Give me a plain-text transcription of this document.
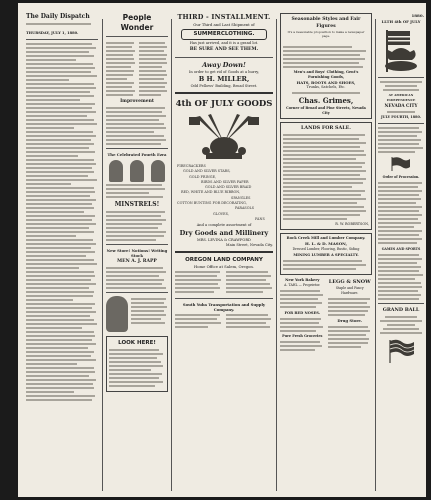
The Daily Dispatch
THURSDAY, JULY 1, 1880.
People Wonder
Improvement
The Celebrated Fourth Ezra
MINSTRELS!
New Store! Notions! Writing Stock
MEN A. J. RAPP
LOOK HERE!
THIRD - INSTALLMENT.
Our Third and Last Shipment of
SUMMERCLOTHING.
Has just arrived, and it is a grand lot.
BE SURE AND SEE THEM.
Away Down!
In order to get rid of Goods at a hurry,
B H. MILLER,
Odd Fellows' Building, Broad Street.
4th OF JULY GOODS
FIRECRACKERS
GOLD AND SILVER STARS,
GOLD FRINGE,
BIRDS AND SILVER PAPER
GOLD AND SILVER BRAID
RED, WHITE AND BLUE RIBBON,
SPANGLES
COTTON BUNTING FOR DECORATING,
PARASOLS
GLOVES,
FANS
And a complete assortment of
Dry Goods and Millinery
MRS. LEVINA & CRAWFORD
Main Street, Nevada City.
OREGON LAND COMPANY
Home Office at Salem, Oregon.
South Yuba Transportation and Supply Company.
Seasonable Styles and Fair Figures
It's a reasonable proposition to make a newspaper page.
Men's and Boys' Clothing, Gent's Furnishing Goods,
HATS, BOOTS AND SHOES,
Trunks, Satchels, Etc.
Chas. Grimes,
Corner of Broad and Pine Streets, Nevada City
LANDS FOR SALE.
R. W. ROBERTSON,
Rock Creek Mill and Lumber Company.
H. L. & D. MASON,
Dressed Lumber, Flooring, Rustic, Siding
MINING LUMBER A SPECIALTY.
New York Bakery
A. TAHL — Proprietor.
FOR RED NOSES.
Pure Fresh Groceries
LEGG & SNOW
Staple and Fancy Hardware.
Drug Store.
1880.
LLTH 4th OF JULY
AT AMERICAN INDEPENDENCE
NEVADA CITY
JULY FOURTH, 1880.
Order of Procession.
GAMES AND SPORTS
GRAND BALL
